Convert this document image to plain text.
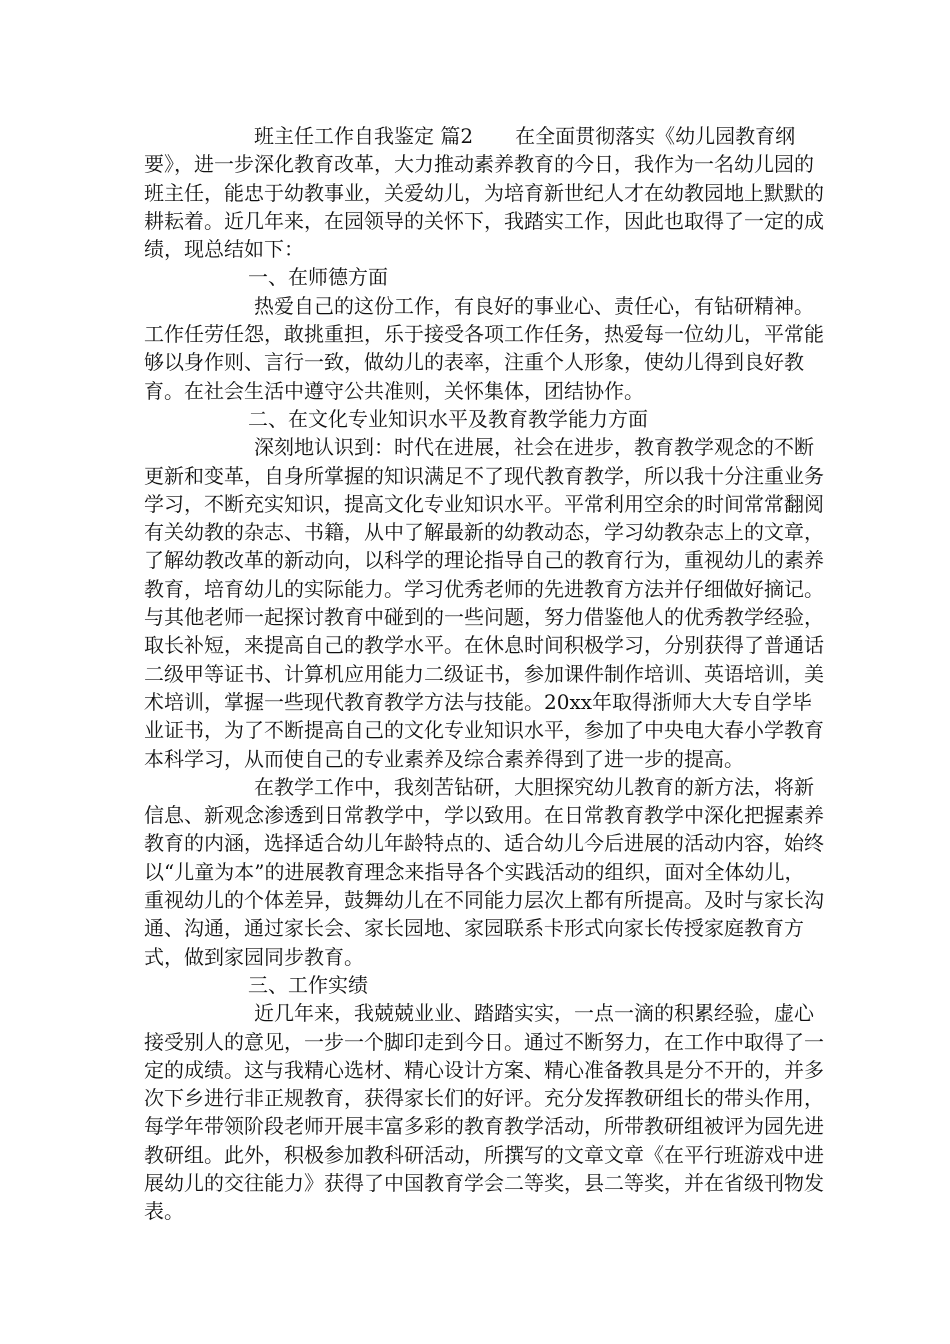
班主任工作自我鉴定 篇2 在全面贯彻落实《幼儿园教育纲要》，进一步深化教育改革，大力推动素养教育的今日，我作为一名幼儿园的班主任，能忠于幼教事业，关爱幼儿，为培育新世纪人才在幼教园地上默默的耕耘着。近几年来，在园领导的关怀下，我踏实工作，因此也取得了一定的成绩，现总结如下：

一、在师德方面

热爱自己的这份工作，有良好的事业心、责任心，有钻研精神。工作任劳任怨，敢挑重担，乐于接受各项工作任务，热爱每一位幼儿，平常能够以身作则、言行一致，做幼儿的表率，注重个人形象，使幼儿得到良好教育。在社会生活中遵守公共准则，关怀集体，团结协作。

二、在文化专业知识水平及教育教学能力方面

深刻地认识到：时代在进展，社会在进步，教育教学观念的不断更新和变革，自身所掌握的知识满足不了现代教育教学，所以我十分注重业务学习，不断充实知识，提高文化专业知识水平。平常利用空余的时间常常翻阅有关幼教的杂志、书籍，从中了解最新的幼教动态，学习幼教杂志上的文章，了解幼教改革的新动向，以科学的理论指导自己的教育行为，重视幼儿的素养教育，培育幼儿的实际能力。学习优秀老师的先进教育方法并仔细做好摘记。与其他老师一起探讨教育中碰到的一些问题，努力借鉴他人的优秀教学经验，取长补短，来提高自己的教学水平。在休息时间积极学习，分别获得了普通话二级甲等证书、计算机应用能力二级证书，参加课件制作培训、英语培训，美术培训，掌握一些现代教育教学方法与技能。20xx年取得浙师大大专自学毕业证书，为了不断提高自己的文化专业知识水平，参加了中央电大春小学教育本科学习，从而使自己的专业素养及综合素养得到了进一步的提高。

在教学工作中，我刻苦钻研，大胆探究幼儿教育的新方法，将新信息、新观念渗透到日常教学中，学以致用。在日常教育教学中深化把握素养教育的内涵，选择适合幼儿年龄特点的、适合幼儿今后进展的活动内容，始终以“儿童为本”的进展教育理念来指导各个实践活动的组织，面对全体幼儿，重视幼儿的个体差异，鼓舞幼儿在不同能力层次上都有所提高。及时与家长沟通、沟通，通过家长会、家长园地、家园联系卡形式向家长传授家庭教育方式，做到家园同步教育。

三、工作实绩

近几年来，我兢兢业业、踏踏实实，一点一滴的积累经验，虚心接受别人的意见，一步一个脚印走到今日。通过不断努力，在工作中取得了一定的成绩。这与我精心选材、精心设计方案、精心准备教具是分不开的，并多次下乡进行非正规教育，获得家长们的好评。充分发挥教研组长的带头作用，每学年带领阶段老师开展丰富多彩的教育教学活动，所带教研组被评为园先进教研组。此外，积极参加教科研活动，所撰写的文章文章《在平行班游戏中进展幼儿的交往能力》获得了中国教育学会二等奖，县二等奖，并在省级刊物发表。
